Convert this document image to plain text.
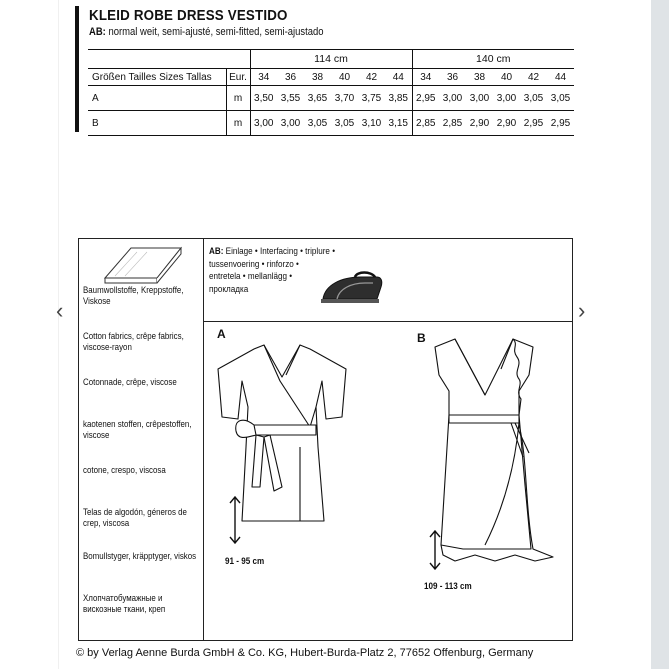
KLEID ROBE DRESS VESTIDO
AB: normal weit, semi-ajusté, semi-fitted, semi-ajustado
		114 cm						140 cm					
Größen Tailles Sizes Tallas	Eur.	34	36	38	40	42	44	34	36	38	40	42	44
A	m	3,50	3,55	3,65	3,70	3,75	3,85	2,95	3,00	3,00	3,00	3,05	3,05
B	m	3,00	3,00	3,05	3,05	3,10	3,15	2,85	2,85	2,90	2,90	2,95	2,95
Baumwollstoffe, Kreppstoffe, Viskose
Cotton fabrics, crêpe fabrics, viscose-rayon
Cotonnade, crêpe, viscose
kaotenen stoffen, crêpestoffen, viscose
cotone, crespo, viscosa
Telas de algodón, géneros de crep, viscosa
Bomullstyger, kräpptyger, viskos
Хлопчатобумажные и вискозные ткани, креп
AB: Einlage • Interfacing • triplure •
tussenvoering • rinforzo •
entretela • mellanlägg •
прокладка
A	B
91 - 95 cm
109 - 113 cm
‹	›
© by Verlag Aenne Burda GmbH & Co. KG, Hubert-Burda-Platz 2, 77652 Offenburg, Germany
